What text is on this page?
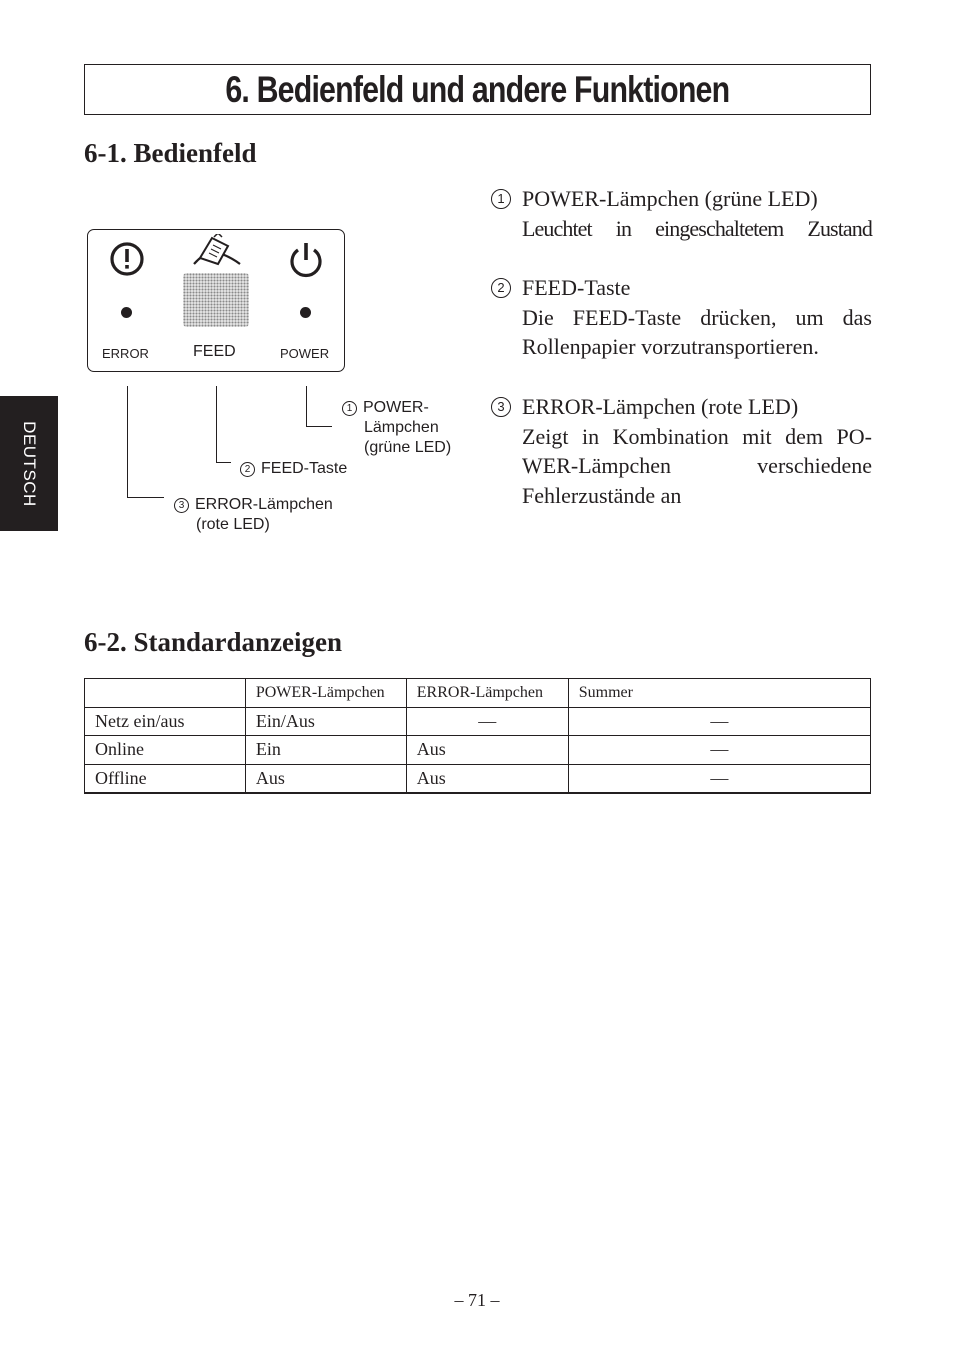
6. Bedienfeld und andere Funktionen
DEUTSCH
6-1. Bedienfeld
ERROR	FEED	POWER
1 POWER-
Lämpchen
(grüne LED)
2 FEED-Taste
3 ERROR-Lämpchen
(rote LED)
1 POWER-Lämpchen (grüne LED)
Leuchtet in eingeschaltetem Zustand
2 FEED-Taste
Die FEED-Taste drücken, um das
Rollenpapier vorzutransportieren.
3 ERROR-Lämpchen (rote LED)
Zeigt in Kombination mit dem PO-
WER-Lämpchen verschiedene
Fehlerzustände an
6-2. Standardanzeigen
	POWER-Lämpchen	ERROR-Lämpchen	Summer
Netz ein/aus	Ein/Aus	—	—
Online	Ein	Aus	—
Offline	Aus	Aus	—
– 71 –
